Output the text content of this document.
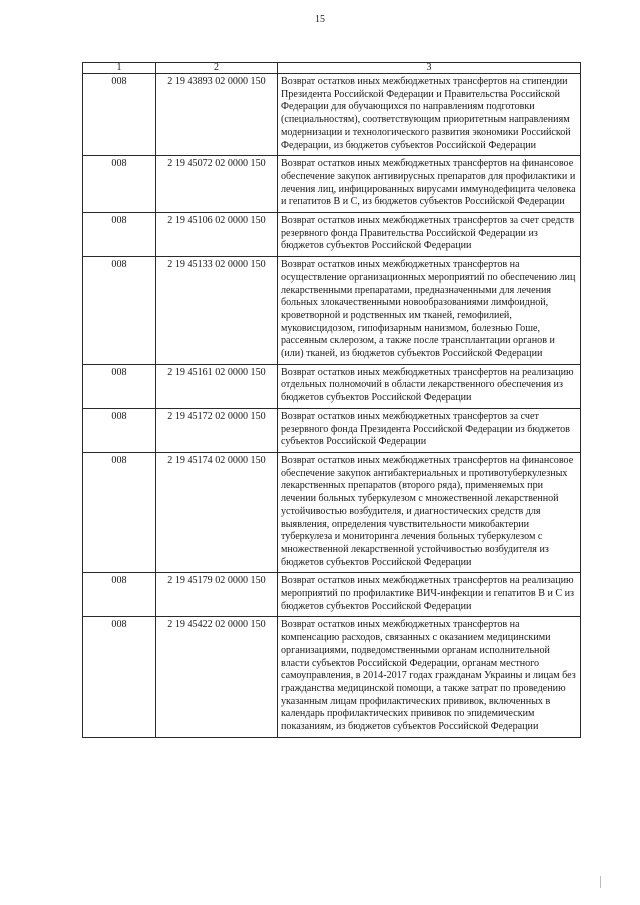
15
1	2	3
008	2 19 43893 02 0000 150	Возврат остатков иных межбюджетных трансфертов на стипендии Президента Российской Федерации и Правительства Российской Федерации для обучающихся по направлениям подготовки (специальностям), соответствующим приоритетным направлениям модернизации и технологического развития экономики Российской Федерации, из бюджетов субъектов Российской Федерации
008	2 19 45072 02 0000 150	Возврат остатков иных межбюджетных трансфертов на финансовое обеспечение закупок антивирусных препаратов для профилактики и лечения лиц, инфицированных вирусами иммунодефицита человека и гепатитов В и С, из бюджетов субъектов Российской Федерации
008	2 19 45106 02 0000 150	Возврат остатков иных межбюджетных трансфертов за счет средств резервного фонда Правительства Российской Федерации из бюджетов субъектов Российской Федерации
008	2 19 45133 02 0000 150	Возврат остатков иных межбюджетных трансфертов на осуществление организационных мероприятий по обеспечению лиц лекарственными препаратами, предназначенными для лечения больных злокачественными новообразованиями лимфоидной, кроветворной и родственных им тканей, гемофилией, муковисцидозом, гипофизарным нанизмом, болезнью Гоше, рассеяным склерозом, а также после трансплантации органов и (или) тканей, из бюджетов субъектов Российской Федерации
008	2 19 45161 02 0000 150	Возврат остатков иных межбюджетных трансфертов на реализацию отдельных полномочий в области лекарственного обеспечения из бюджетов субъектов Российской Федерации
008	2 19 45172 02 0000 150	Возврат остатков иных межбюджетных трансфертов за счет резервного фонда Президента Российской Федерации из бюджетов субъектов Российской Федерации
008	2 19 45174 02 0000 150	Возврат остатков иных межбюджетных трансфертов на финансовое обеспечение закупок антибактериальных и противотуберкулезных лекарственных препаратов (второго ряда), применяемых при лечении больных туберкулезом с множественной лекарственной устойчивостью возбудителя, и диагностических средств для выявления, определения чувствительности микобактерии туберкулеза и мониторинга лечения больных туберкулезом с множественной лекарственной устойчивостью возбудителя из бюджетов субъектов Российской Федерации
008	2 19 45179 02 0000 150	Возврат остатков иных межбюджетных трансфертов на реализацию мероприятий по профилактике ВИЧ-инфекции и гепатитов В и С из бюджетов субъектов Российской Федерации
008	2 19 45422 02 0000 150	Возврат остатков иных межбюджетных трансфертов на компенсацию расходов, связанных с оказанием медицинскими организациями, подведомственными органам исполнительной власти субъектов Российской Федерации, органам местного самоуправления, в 2014-2017 годах гражданам Украины и лицам без гражданства медицинской помощи, а также затрат по проведению указанным лицам профилактических прививок, включенных в календарь профилактических прививок по эпидемическим показаниям, из бюджетов субъектов Российской Федерации
